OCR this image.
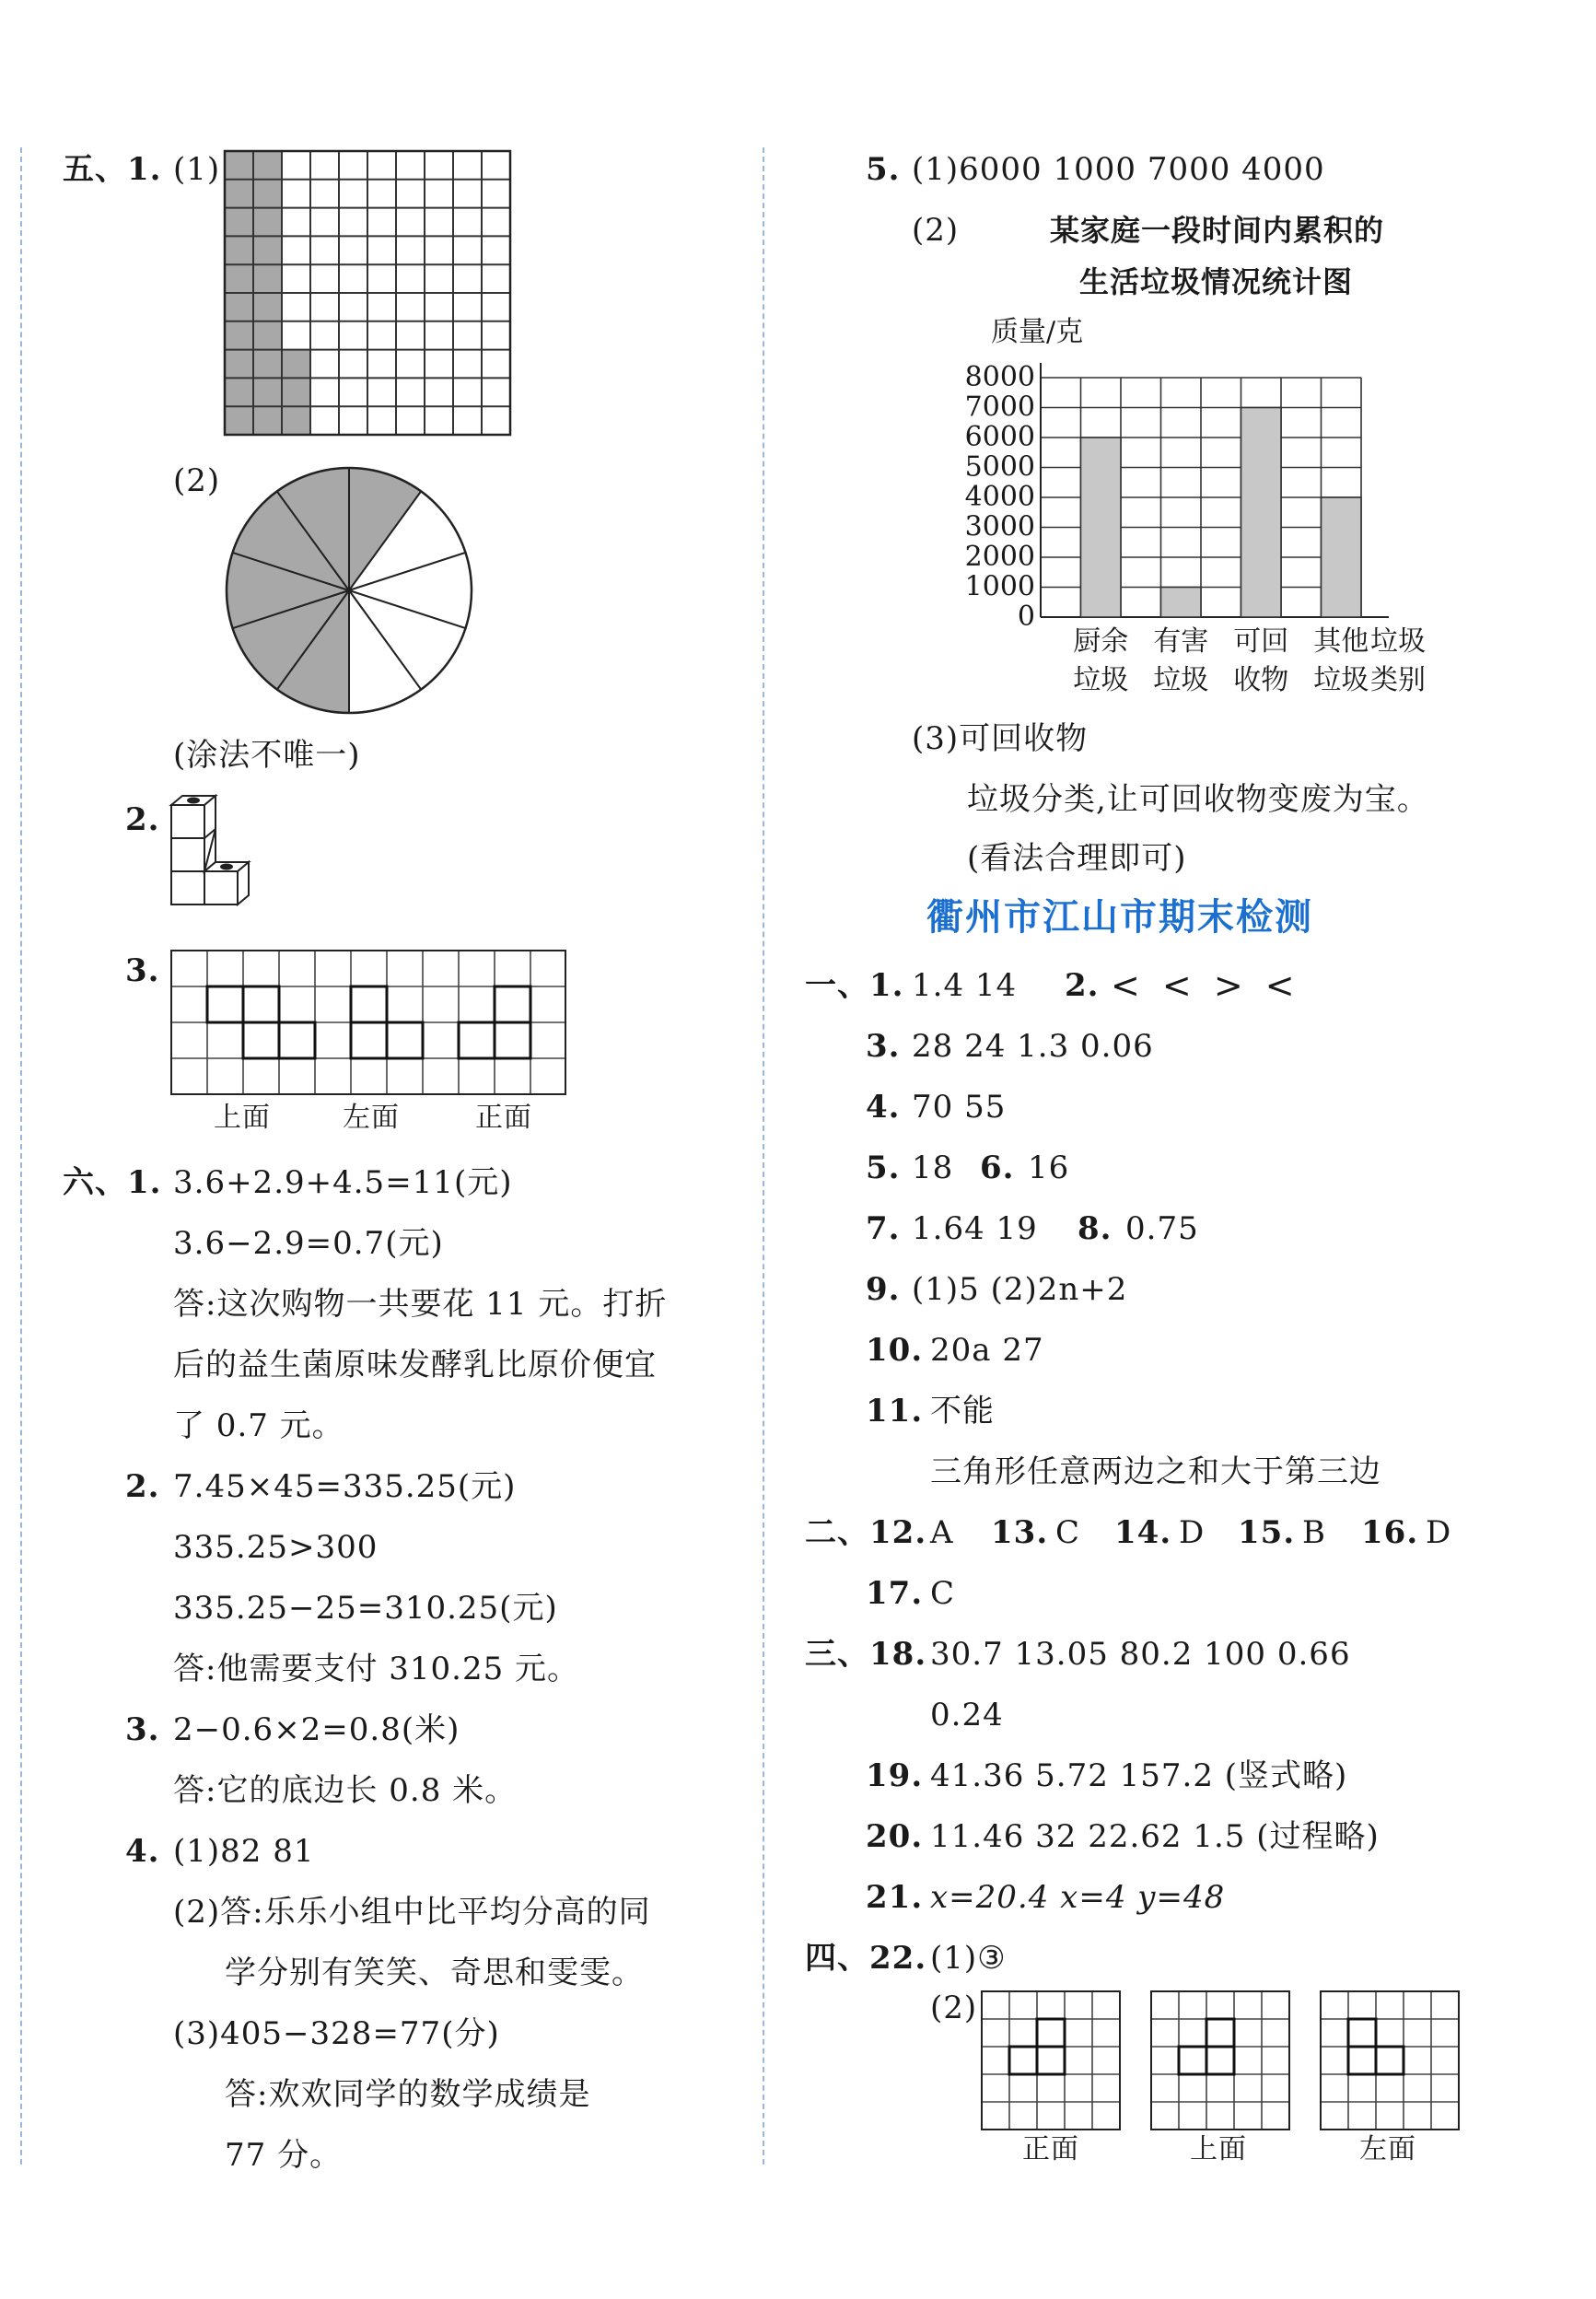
五、1. (1)
(2)
(涂法不唯一)
2.
3.
上面	左面	正面
六、1. 3.6+2.9+4.5=11(元)
3.6−2.9=0.7(元)
答:这次购物一共要花 11 元。打折
后的益生菌原味发酵乳比原价便宜
了 0.7 元。
2. 7.45×45=335.25(元)
335.25>300
335.25−25=310.25(元)
答:他需要支付 310.25 元。
3. 2−0.6×2=0.8(米)
答:它的底边长 0.8 米。
4. (1)82 81
(2)答:乐乐小组中比平均分高的同
学分别有笑笑、奇思和雯雯。
(3)405−328=77(分)
答:欢欢同学的数学成绩是
77 分。
5. (1)6000 1000 7000 4000
(2)	某家庭一段时间内累积的
生活垃圾情况统计图
质量/克
0
1000
2000
3000
4000
5000
6000
7000
8000
厨余
垃圾
有害
垃圾
可回
收物
其他
垃圾
垃圾
类别
(3)可回收物
垃圾分类,让可回收物变废为宝。
(看法合理即可)
衢州市江山市期末检测
一、1. 1.4 14 2. < < > <
3. 28 24 1.3 0.06
4. 70 55
5. 18 6. 16
7. 1.64 19 8. 0.75
9. (1)5 (2)2n+2
10. 20a 27
11. 不能
三角形任意两边之和大于第三边
二、12. A 13. C 14. D 15. B 16. D
17. C
三、18. 30.7 13.05 80.2 100 0.66
0.24
19. 41.36 5.72 157.2 (竖式略)
20. 11.46 32 22.62 1.5 (过程略)
21. x=20.4 x=4 y=48
四、22. (1)③
(2)
正面	上面	左面
